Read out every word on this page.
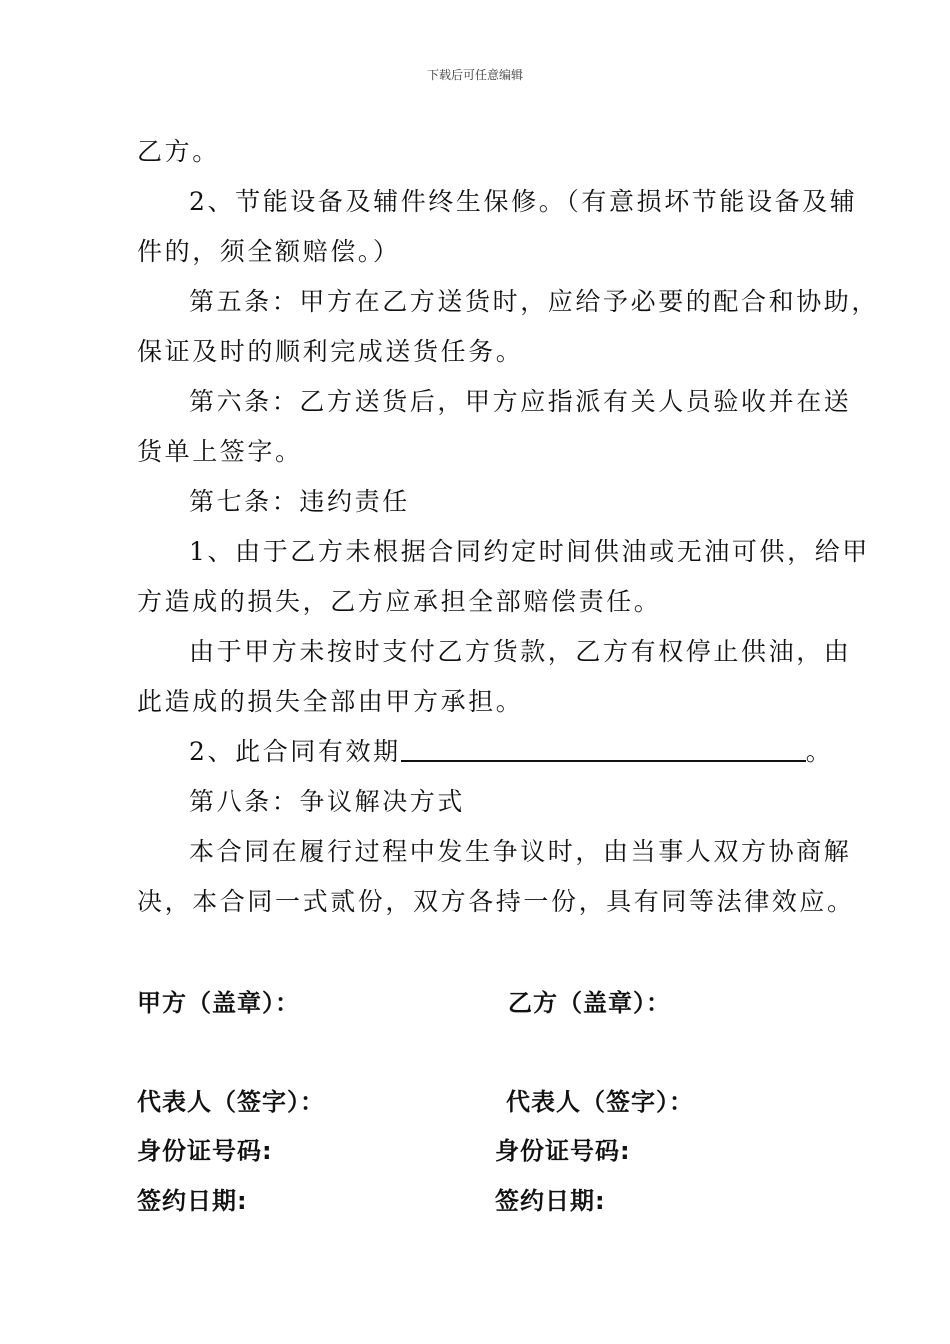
下载后可任意编辑
乙方。
2、节能设备及辅件终生保修。（有意损坏节能设备及辅
件的，须全额赔偿。）
第五条：甲方在乙方送货时，应给予必要的配合和协助，
保证及时的顺利完成送货任务。
第六条：乙方送货后，甲方应指派有关人员验收并在送
货单上签字。
第七条：违约责任
1、由于乙方未根据合同约定时间供油或无油可供，给甲
方造成的损失，乙方应承担全部赔偿责任。
由于甲方未按时支付乙方货款，乙方有权停止供油，由
此造成的损失全部由甲方承担。
2、此合同有效期	。
第八条：争议解决方式
本合同在履行过程中发生争议时，由当事人双方协商解
决，本合同一式贰份，双方各持一份，具有同等法律效应。
甲方（盖章）：	乙方（盖章）：
代表人（签字）：	代表人（签字）：
身份证号码:	身份证号码:
签约日期:	签约日期:
